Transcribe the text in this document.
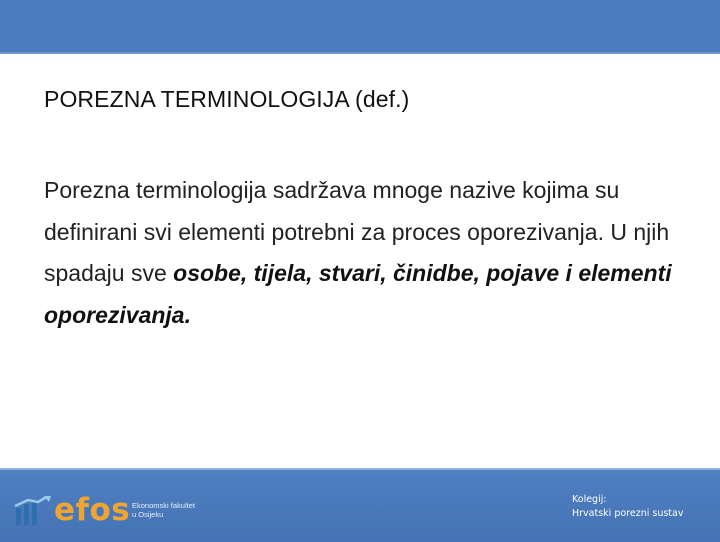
POREZNA TERMINOLOGIJA (def.)
Porezna terminologija sadržava mnoge nazive kojima su definirani svi elementi potrebni za proces oporezivanja. U njih spadaju sve osobe, tijela, stvari, činidbe, pojave i elementi oporezivanja.
efos Ekonomski fakultet
u Osijeku
Kolegij:
Hrvatski porezni sustav
